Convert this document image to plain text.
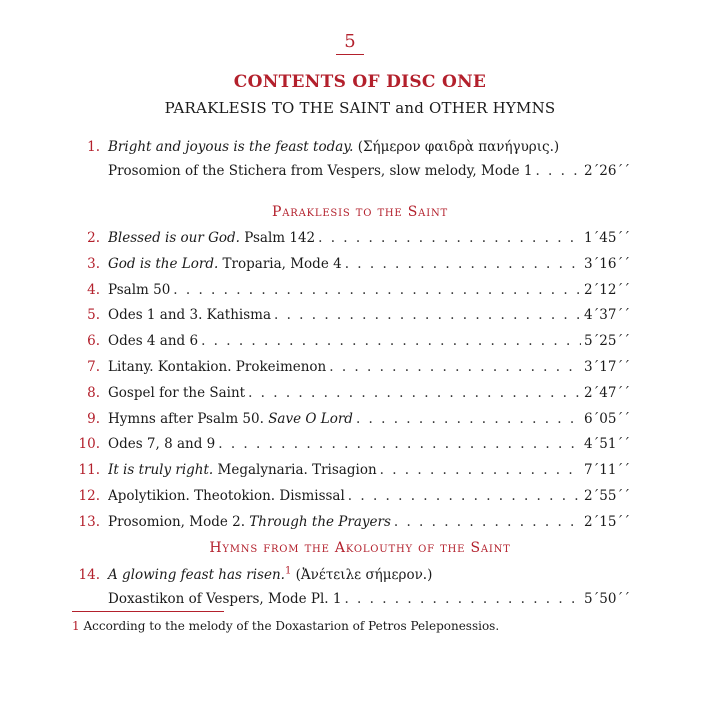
5
CONTENTS OF DISC ONE
PARAKLESIS TO THE SAINT and OTHER HYMNS
1. Bright and joyous is the feast today. (Σήμερον φαιδρὰ πανήγυρις.)
Prosomion of the Stichera from Vespers, slow melody, Mode 1 . . .	2΄26΄΄
Paraklesis to the Saint
2. Blessed is our God. Psalm 142 . . .	1΄45΄΄
3. God is the Lord. Troparia, Mode 4 . . .	3΄16΄΄
4. Psalm 50 . . .	2΄12΄΄
5. Odes 1 and 3. Kathisma . . .	4΄37΄΄
6. Odes 4 and 6 . . .	5΄25΄΄
7. Litany. Kontakion. Prokeimenon . . .	3΄17΄΄
8. Gospel for the Saint . . .	2΄47΄΄
9. Hymns after Psalm 50. Save O Lord . . .	6΄05΄΄
10. Odes 7, 8 and 9 . . .	4΄51΄΄
11. It is truly right. Megalynaria. Trisagion . . .	7΄11΄΄
12. Apolytikion. Theotokion. Dismissal . . .	2΄55΄΄
13. Prosomion, Mode 2. Through the Prayers . . .	2΄15΄΄
Hymns from the Akolouthy of the Saint
14. A glowing feast has risen.$^1$ (Ἀνέτειλε σήμερον.)
Doxastikon of Vespers, Mode Pl. 1 . . .	5΄50΄΄
1 According to the melody of the Doxastarion of Petros Peleponessios.
